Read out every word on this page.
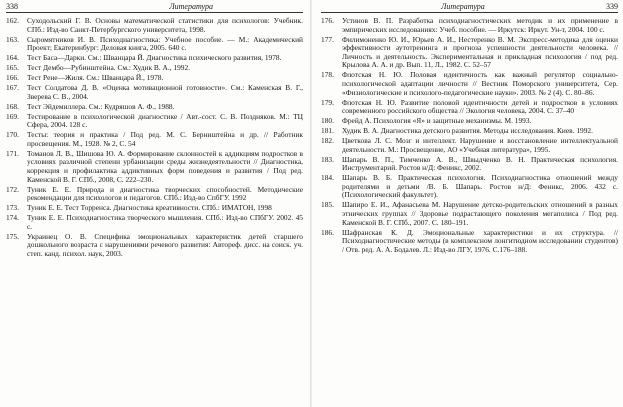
338	Литература
162.	Суходольский Г. В. Основы математической статистики для психологов: Учебник. СПб.: Изд-во Санкт-Петербургского университета, 1998.
163.	Сыромятников И. В. Психодиагностика: Учебное пособие. — М.: Академический Проект; Екатеринбург: Деловая книга, 2005. 640 с.
164.	Тест Баса—Дарки. См.: Шванцара Й. Диагностика психического развития, 1978.
165.	Тест Дембо—Рубинштейна. См.: Худик В. А., 1992.
166.	Тест Рене—Жиля. См.: Шванцара Й., 1978.
167.	Тест Солдатова Д. В. «Оценка мотивационной готовности». См.: Каменская В. Г., Зверева С. В., 2004.
168.	Тест Эйдемиллера. См.: Кудряшов А. Ф., 1988.
169.	Тестирование в психологической диагностике / Авт.-сост. С. В. Поздняков. М.: ТЦ Сфера, 2004. 128 с.
170.	Тесты: теория и практика / Под ред. М. С. Берништейна и др. // Работник просвещения. М., 1928. № 2, С. 54
171.	Томанов Л. В., Шишова Ю. А. Формирование склонностей к аддикциям подростков в условиях различной степени урбанизации среды жизнедеятельности // Диагностика, коррекция и профилактика аддиктивных форм поведения и развития / Под ред. Каменской В. Г. СПб., 2008, С. 222–230.
172.	Туник Е. Е. Природа и диагностика творческих способностей. Методические рекомендации для психологов и педагогов. СПб.: Изд-во СпбГУ. 1992
173.	Туник Е. Е. Тест Торренса. Диагностика креативности. СПб.: ИМАТОН, 1998
174.	Туник Е. Е. Психодиагностика творческого мышления. СПб.: Изд-во СПбГУ. 2002. 45 с.
175.	Украинец О. В. Специфика эмоциональных характеристик детей старшего дошкольного возраста с нарушениями речевого развития: Автореф. дисс. на соиск. уч. степ. канд. психол. наук, 2003.
Литература	339
176.	Устинов В. П. Разработка психодиагностических методик и их применение в эмпирических исследованиях: Учеб. пособие. — Иркутск: Иркут. Ун-т, 2004. 100 с.
177.	Филимоненко Ю. И., Юрьев А. И., Нестеренко В. М. Экспресс-методика для оценки эффективности аутотренинга и прогноза успешности деятельности человека. // Личность и деятельность. Экспериментальная и прикладная психология / под ред. Крылова А. А. и др. Вып. 11, Л., 1982. С. 52–57
178.	Флотская Н. Ю. Половая идентичность как важный регулятор социально-психологической адаптации личности // Вестник Поморского университета, Сер. «Физиологические и психолого-педагогические науки». 2003. № 2 (4). С. 80–86.
179.	Флотская Н. Ю. Развитие половой идентичности детей и подростков в условиях современного российского общества // Экология человека, 2004. С. 37–40
180.	Фрейд А. Психология «Я» и защитные механизмы. М. 1993.
181.	Худик В. А. Диагностика детского развития. Методы исследования. Киев. 1992.
182.	Цветкова Л. С. Мозг и интеллект. Нарушение и восстановление интеллектуальной деятельности. М.: Просвещение, АО «Учебная литература», 1995.
183.	Шапарь В. П., Тимченко А. В., Швыдченко В. Н. Практическая психология. Инструментарий. Ростов н/Д: Феникс, 2002.
184.	Шапарь В. Б. Практическая психология. Психодиагностика отношений между родителями и детьми /В. Б. Шапарь. Ростов н/Д: Феникс, 2006. 432 с. (Психологический факультет).
185.	Шапиро Е. И., Афанасьева М. Нарушение детско-родительских отношений в разных этнических группах // Здоровье подрастающего поколения мегаполиса / Под ред. Каменской В. Г. СПб., 2007. С. 180–191.
186.	Шафранская К. Д. Эмоциональные характеристики и их структура. // Психодиагностические методы (в комплексном лонгитюдном исследовании студентов) / Отв. ред. А. А. Бодалев. Л.: Изд-во ЛГУ, 1976. С.176–188.
